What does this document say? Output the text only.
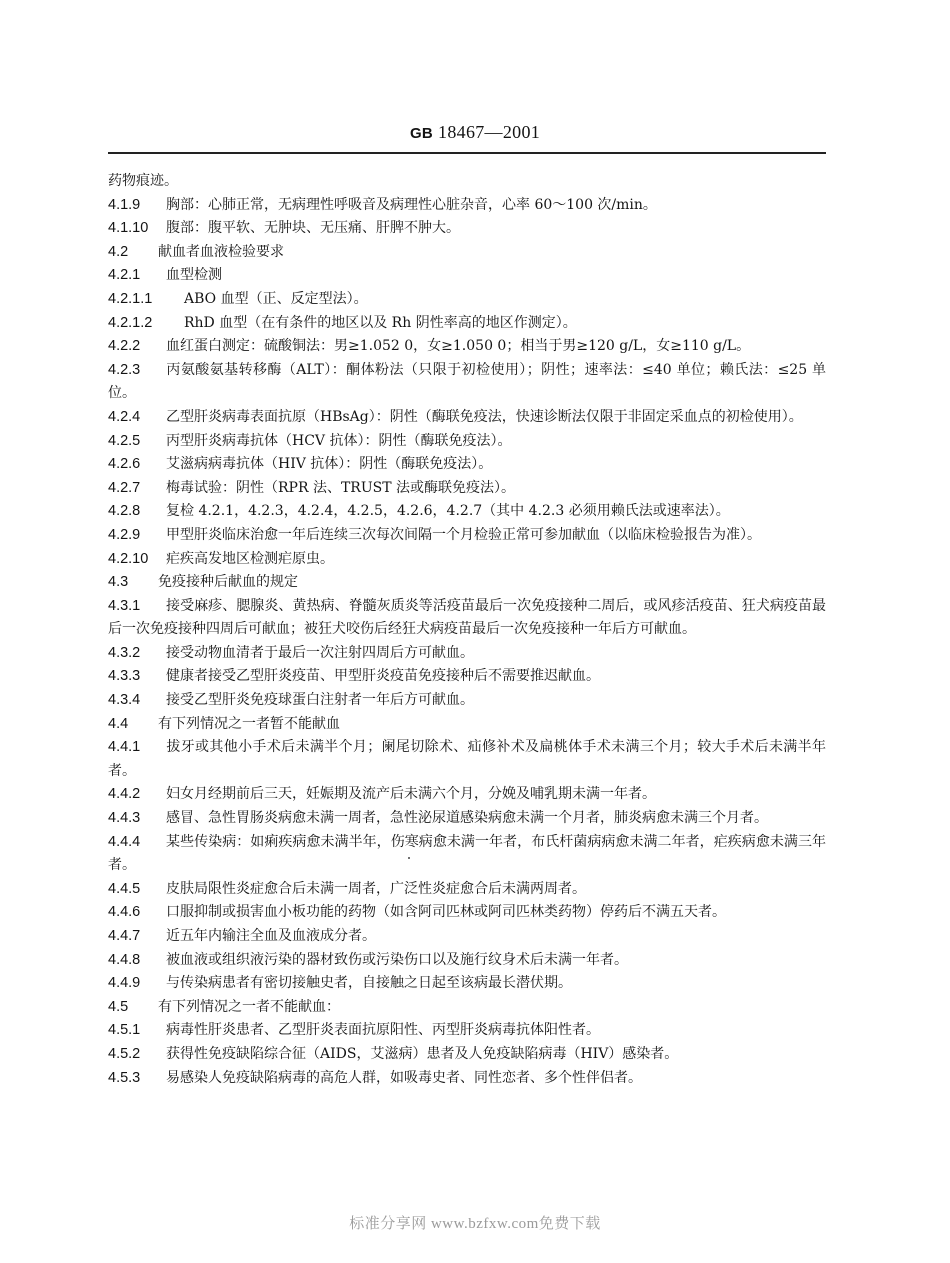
GB 18467—2001

药物痕迹。

4.1.9 胸部：心肺正常，无病理性呼吸音及病理性心脏杂音，心率 60～100 次/min。

4.1.10 腹部：腹平软、无肿块、无压痛、肝脾不肿大。

4.2 献血者血液检验要求

4.2.1 血型检测

4.2.1.1 ABO 血型（正、反定型法）。

4.2.1.2 RhD 血型（在有条件的地区以及 Rh 阴性率高的地区作测定）。

4.2.2 血红蛋白测定：硫酸铜法：男≥1.052 0，女≥1.050 0；相当于男≥120 g/L，女≥110 g/L。

4.2.3 丙氨酸氨基转移酶（ALT）：酮体粉法（只限于初检使用）；阴性；速率法：≤40 单位；赖氏法：≤25 单位。

4.2.4 乙型肝炎病毒表面抗原（HBsAg）：阴性（酶联免疫法，快速诊断法仅限于非固定采血点的初检使用）。

4.2.5 丙型肝炎病毒抗体（HCV 抗体）：阴性（酶联免疫法）。

4.2.6 艾滋病病毒抗体（HIV 抗体）：阴性（酶联免疫法）。

4.2.7 梅毒试验：阴性（RPR 法、TRUST 法或酶联免疫法）。

4.2.8 复检 4.2.1，4.2.3，4.2.4，4.2.5，4.2.6，4.2.7（其中 4.2.3 必须用赖氏法或速率法）。

4.2.9 甲型肝炎临床治愈一年后连续三次每次间隔一个月检验正常可参加献血（以临床检验报告为准）。

4.2.10 疟疾高发地区检测疟原虫。

4.3 免疫接种后献血的规定

4.3.1 接受麻疹、腮腺炎、黄热病、脊髓灰质炎等活疫苗最后一次免疫接种二周后，或风疹活疫苗、狂犬病疫苗最后一次免疫接种四周后可献血；被狂犬咬伤后经狂犬病疫苗最后一次免疫接种一年后方可献血。

4.3.2 接受动物血清者于最后一次注射四周后方可献血。

4.3.3 健康者接受乙型肝炎疫苗、甲型肝炎疫苗免疫接种后不需要推迟献血。

4.3.4 接受乙型肝炎免疫球蛋白注射者一年后方可献血。

4.4 有下列情况之一者暂不能献血

4.4.1 拔牙或其他小手术后未满半个月；阑尾切除术、疝修补术及扁桃体手术未满三个月；较大手术后未满半年者。

4.4.2 妇女月经期前后三天，妊娠期及流产后未满六个月，分娩及哺乳期未满一年者。

4.4.3 感冒、急性胃肠炎病愈未满一周者，急性泌尿道感染病愈未满一个月者，肺炎病愈未满三个月者。

4.4.4 某些传染病：如痢疾病愈未满半年，伤寒病愈未满一年者，布氏杆菌病病愈未满二年者，疟疾病愈未满三年者。

4.4.5 皮肤局限性炎症愈合后未满一周者，广泛性炎症愈合后未满两周者。

4.4.6 口服抑制或损害血小板功能的药物（如含阿司匹林或阿司匹林类药物）停药后不满五天者。

4.4.7 近五年内输注全血及血液成分者。

4.4.8 被血液或组织液污染的器材致伤或污染伤口以及施行纹身术后未满一年者。

4.4.9 与传染病患者有密切接触史者，自接触之日起至该病最长潜伏期。

4.5 有下列情况之一者不能献血：

4.5.1 病毒性肝炎患者、乙型肝炎表面抗原阳性、丙型肝炎病毒抗体阳性者。

4.5.2 获得性免疫缺陷综合征（AIDS，艾滋病）患者及人免疫缺陷病毒（HIV）感染者。

4.5.3 易感染人免疫缺陷病毒的高危人群，如吸毒史者、同性恋者、多个性伴侣者。

标准分享网 www.bzfxw.com免费下载
